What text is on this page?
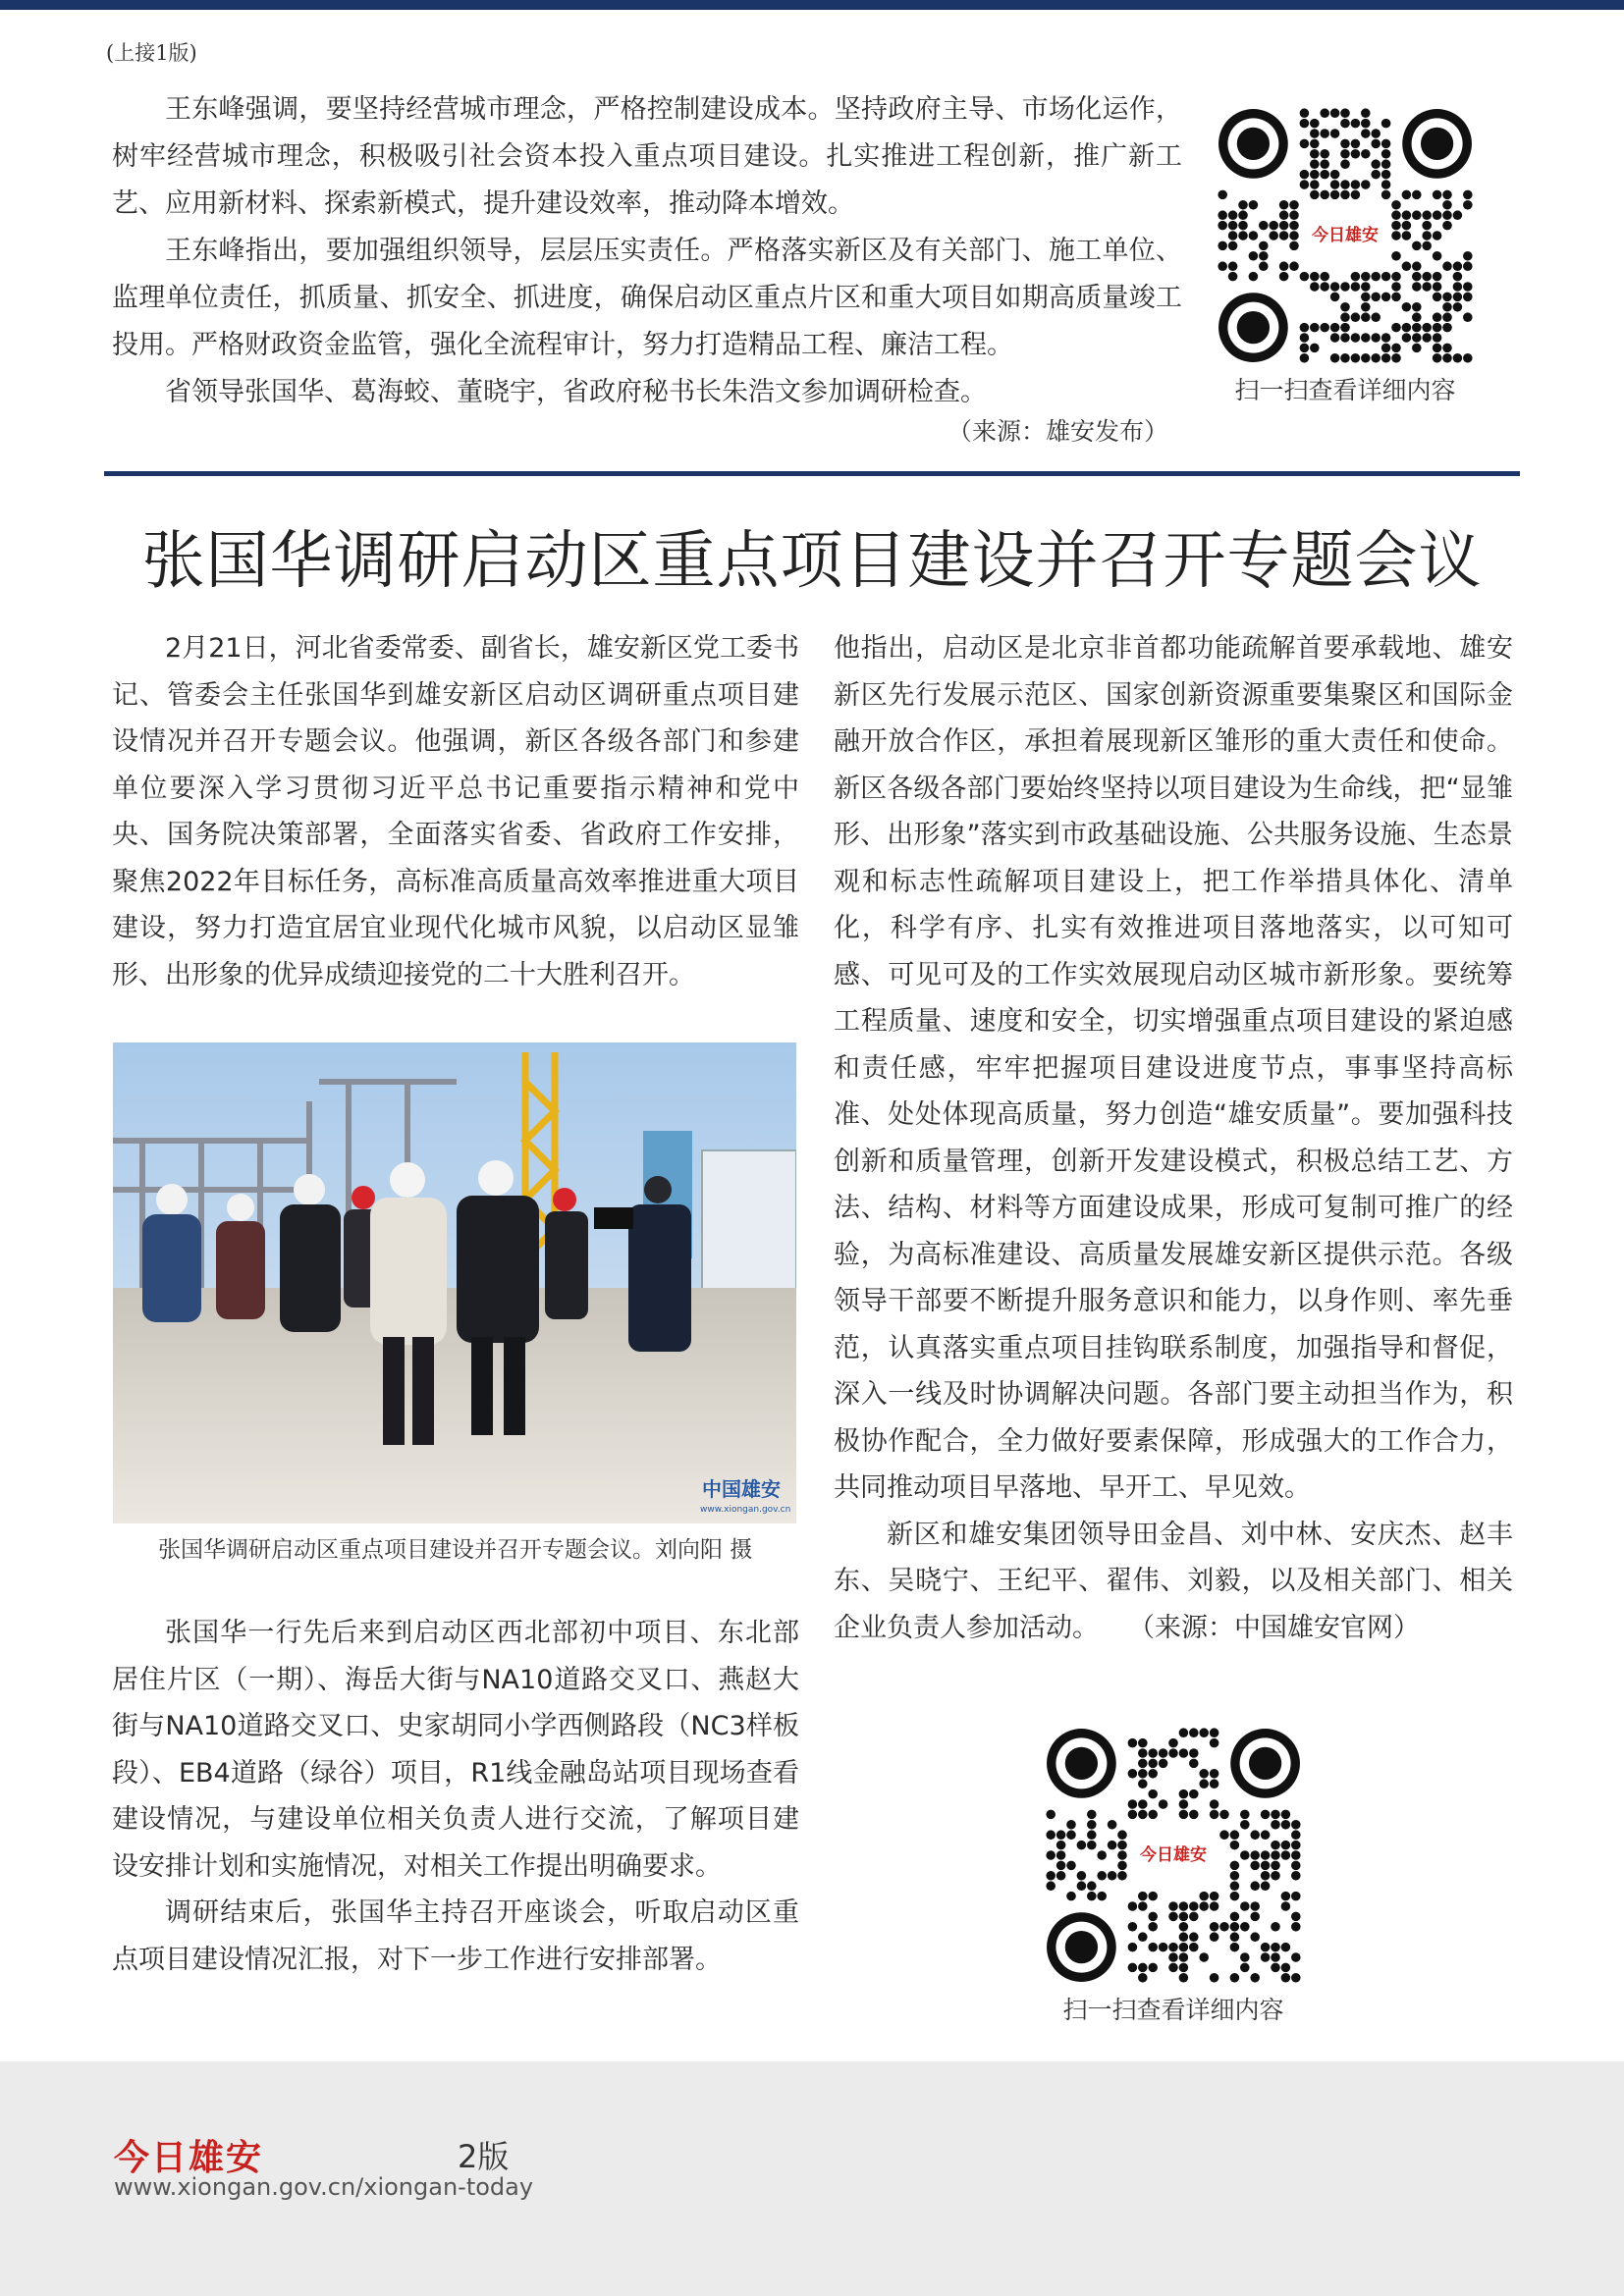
(上接1版)

王东峰强调，要坚持经营城市理念，严格控制建设成本。坚持政府主导、市场化运作，树牢经营城市理念，积极吸引社会资本投入重点项目建设。扎实推进工程创新，推广新工艺、应用新材料、探索新模式，提升建设效率，推动降本增效。

王东峰指出，要加强组织领导，层层压实责任。严格落实新区及有关部门、施工单位、监理单位责任，抓质量、抓安全、抓进度，确保启动区重点片区和重大项目如期高质量竣工投用。严格财政资金监管，强化全流程审计，努力打造精品工程、廉洁工程。

省领导张国华、葛海蛟、董晓宇，省政府秘书长朱浩文参加调研检查。

（来源：雄安发布）
今日雄安
扫一扫查看详细内容
张国华调研启动区重点项目建设并召开专题会议

2月21日，河北省委常委、副省长，雄安新区党工委书记、管委会主任张国华到雄安新区启动区调研重点项目建设情况并召开专题会议。他强调，新区各级各部门和参建单位要深入学习贯彻习近平总书记重要指示精神和党中央、国务院决策部署，全面落实省委、省政府工作安排，聚焦2022年目标任务，高标准高质量高效率推进重大项目建设，努力打造宜居宜业现代化城市风貌，以启动区显雏形、出形象的优异成绩迎接党的二十大胜利召开。

中国雄安
www.xiongan.gov.cn
张国华调研启动区重点项目建设并召开专题会议。刘向阳 摄

张国华一行先后来到启动区西北部初中项目、东北部居住片区（一期）、海岳大街与NA10道路交叉口、燕赵大街与NA10道路交叉口、史家胡同小学西侧路段（NC3样板段）、EB4道路（绿谷）项目，R1线金融岛站项目现场查看建设情况，与建设单位相关负责人进行交流，了解项目建设安排计划和实施情况，对相关工作提出明确要求。

调研结束后，张国华主持召开座谈会，听取启动区重点项目建设情况汇报，对下一步工作进行安排部署。

他指出，启动区是北京非首都功能疏解首要承载地、雄安新区先行发展示范区、国家创新资源重要集聚区和国际金融开放合作区，承担着展现新区雏形的重大责任和使命。新区各级各部门要始终坚持以项目建设为生命线，把“显雏形、出形象”落实到市政基础设施、公共服务设施、生态景观和标志性疏解项目建设上，把工作举措具体化、清单化，科学有序、扎实有效推进项目落地落实，以可知可感、可见可及的工作实效展现启动区城市新形象。要统筹工程质量、速度和安全，切实增强重点项目建设的紧迫感和责任感，牢牢把握项目建设进度节点，事事坚持高标准、处处体现高质量，努力创造“雄安质量”。要加强科技创新和质量管理，创新开发建设模式，积极总结工艺、方法、结构、材料等方面建设成果，形成可复制可推广的经验，为高标准建设、高质量发展雄安新区提供示范。各级领导干部要不断提升服务意识和能力，以身作则、率先垂范，认真落实重点项目挂钩联系制度，加强指导和督促，深入一线及时协调解决问题。各部门要主动担当作为，积极协作配合，全力做好要素保障，形成强大的工作合力，共同推动项目早落地、早开工、早见效。

新区和雄安集团领导田金昌、刘中林、安庆杰、赵丰东、吴晓宁、王纪平、翟伟、刘毅，以及相关部门、相关企业负责人参加活动。 （来源：中国雄安官网）

今日雄安
扫一扫查看详细内容
今日雄安	2版
www.xiongan.gov.cn/xiongan-today
